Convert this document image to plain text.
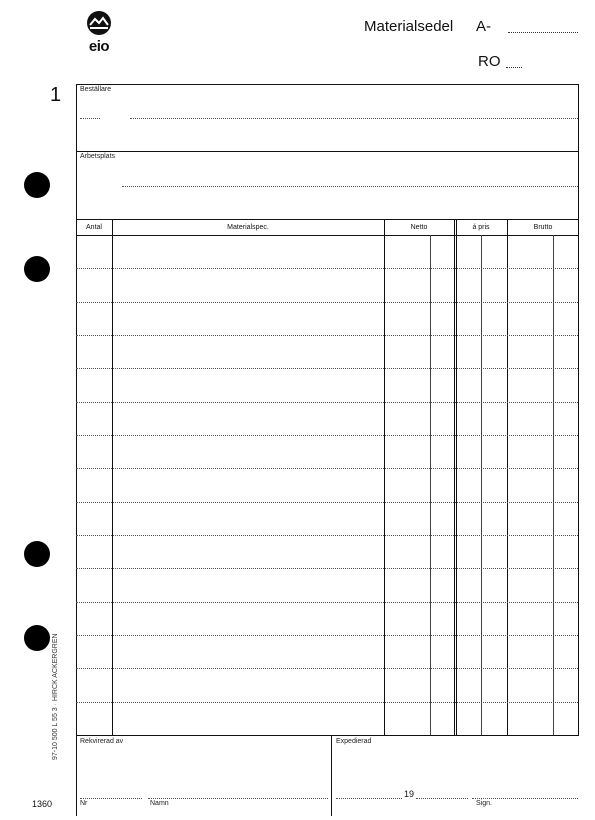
eio
Materialsedel A-
RO
1
97-10 500 L 55 3 · HIRCK ACKERGREN
1360
Beställare
Arbetsplats
Antal	Materialspec.	Netto	á pris	Brutto
Rekvirerad av	Expedierad
Nr	Namn
19
Sign.
